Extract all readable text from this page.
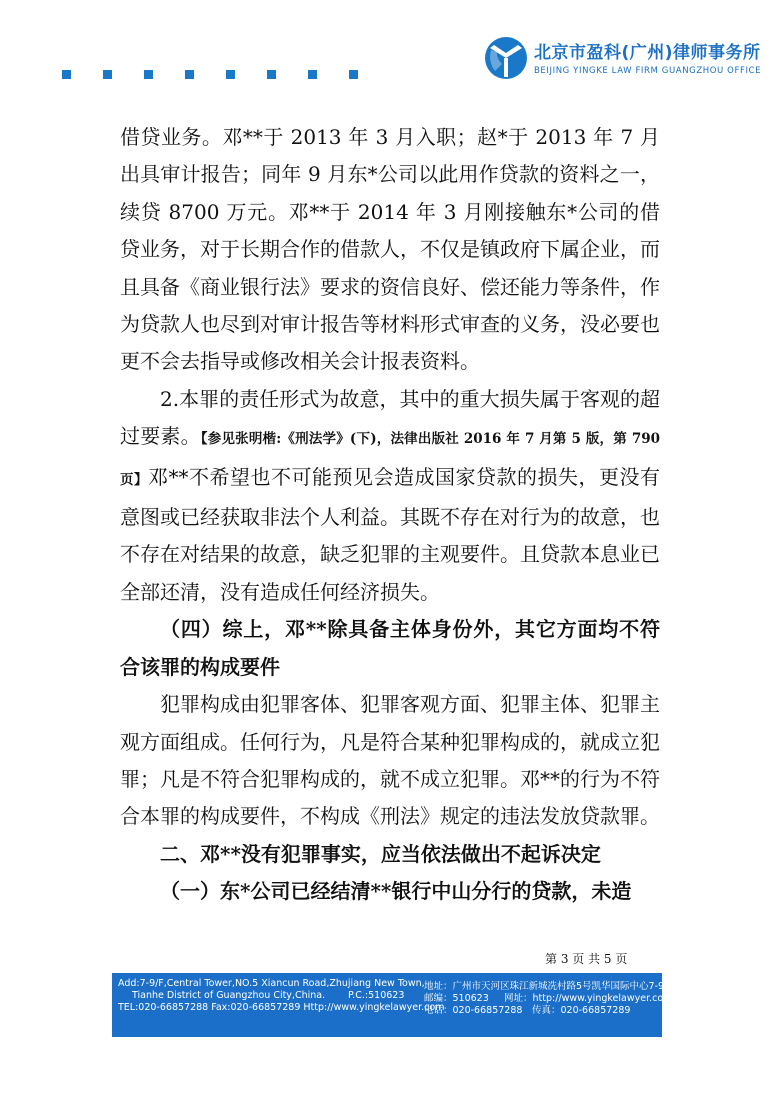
北京市盈科(广州)律师事务所
BEIJING YINGKE LAW FIRM GUANGZHOU OFFICE

借贷业务。邓**于 2013 年 3 月入职；赵*于 2013 年 7 月出具审计报告；同年 9 月东*公司以此用作贷款的资料之一，续贷 8700 万元。邓**于 2014 年 3 月刚接触东*公司的借贷业务，对于长期合作的借款人，不仅是镇政府下属企业，而且具备《商业银行法》要求的资信良好、偿还能力等条件，作为贷款人也尽到对审计报告等材料形式审查的义务，没必要也更不会去指导或修改相关会计报表资料。

2.本罪的责任形式为故意，其中的重大损失属于客观的超过要素。【参见张明楷:《刑法学》(下)，法律出版社 2016 年 7 月第 5 版，第 790 页】邓**不希望也不可能预见会造成国家贷款的损失，更没有意图或已经获取非法个人利益。其既不存在对行为的故意，也不存在对结果的故意，缺乏犯罪的主观要件。且贷款本息业已全部还清，没有造成任何经济损失。

（四）综上，邓**除具备主体身份外，其它方面均不符合该罪的构成要件

犯罪构成由犯罪客体、犯罪客观方面、犯罪主体、犯罪主观方面组成。任何行为，凡是符合某种犯罪构成的，就成立犯罪；凡是不符合犯罪构成的，就不成立犯罪。邓**的行为不符合本罪的构成要件，不构成《刑法》规定的违法发放贷款罪。

二、邓**没有犯罪事实，应当依法做出不起诉决定

（一）东*公司已经结清**银行中山分行的贷款，未造

第 3 页 共 5 页
Add:7-9/F,Central Tower,NO.5 Xiancun Road,Zhujiang New Town,
Tianhe District of Guangzhou City,China. P.C.:510623
TEL:020-66857288 Fax:020-66857289 Http://www.yingkelawyer.com
地址：广州市天河区珠江新城冼村路5号凯华国际中心7-9楼
邮编：510623 网址：http://www.yingkelawyer.com
电话：020-66857288 传真：020-66857289
